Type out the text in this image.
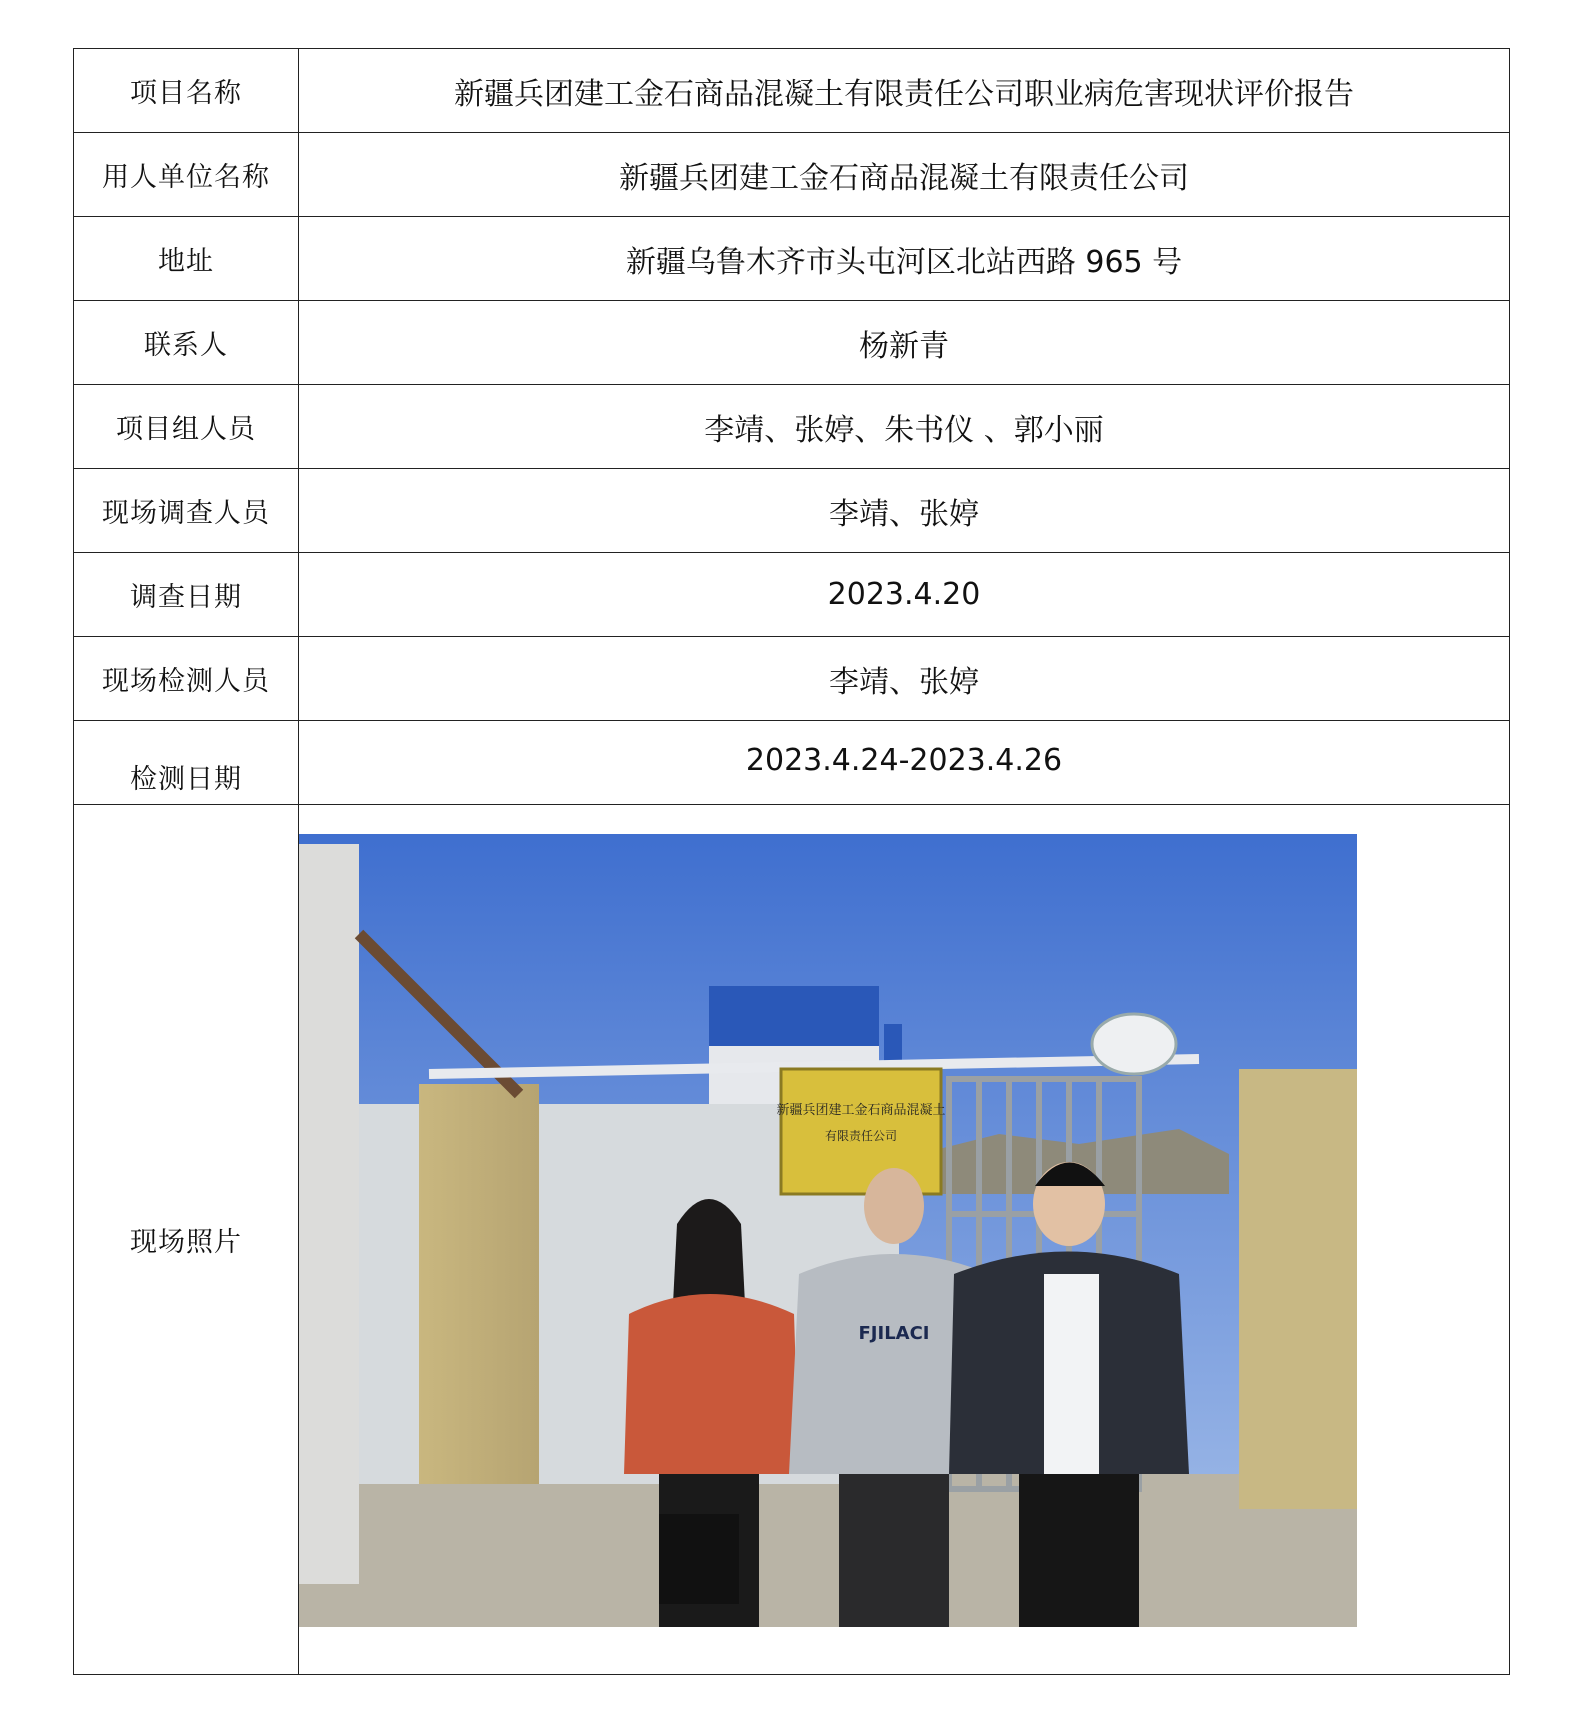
项目名称	新疆兵团建工金石商品混凝土有限责任公司职业病危害现状评价报告
用人单位名称	新疆兵团建工金石商品混凝土有限责任公司
地址	新疆乌鲁木齐市头屯河区北站西路 965 号
联系人	杨新青
项目组人员	李靖、张婷、朱书仪 、郭小丽
现场调查人员	李靖、张婷
调查日期	2023.4.20
现场检测人员	李靖、张婷
检测日期	2023.4.24-2023.4.26
现场照片	新疆兵团建工金石商品混凝土
有限责任公司
FJILACI
